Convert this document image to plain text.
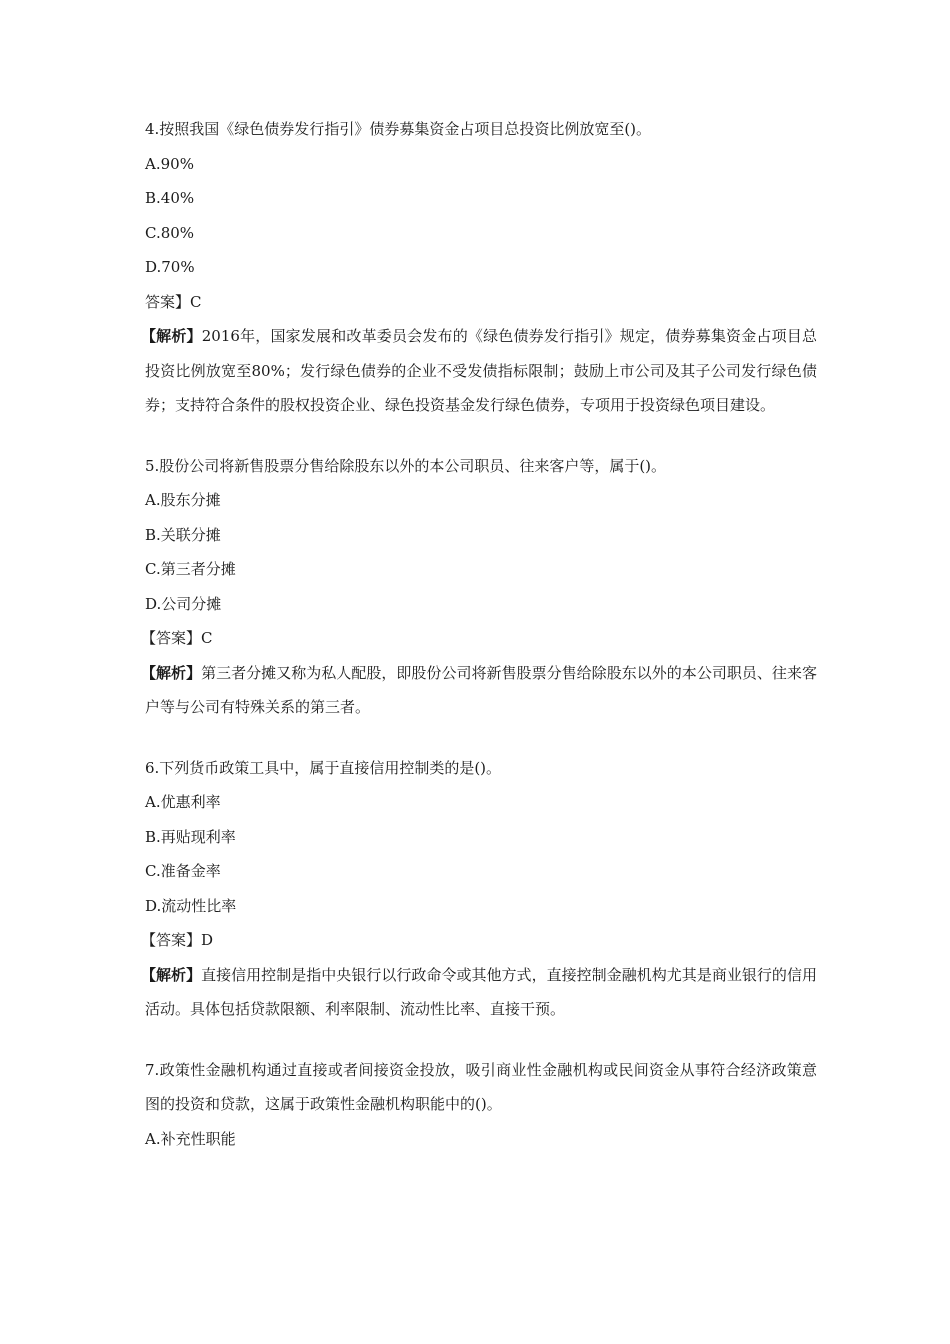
4.按照我国《绿色债券发行指引》债券募集资金占项目总投资比例放宽至()。
A.90%
B.40%
C.80%
D.70%
答案】C
【解析】2016年，国家发展和改革委员会发布的《绿色债券发行指引》规定，债券募集资金占项目总投资比例放宽至80%；发行绿色债券的企业不受发债指标限制；鼓励上市公司及其子公司发行绿色债券；支持符合条件的股权投资企业、绿色投资基金发行绿色债券，专项用于投资绿色项目建设。
5.股份公司将新售股票分售给除股东以外的本公司职员、往来客户等，属于()。
A.股东分摊
B.关联分摊
C.第三者分摊
D.公司分摊
【答案】C
【解析】第三者分摊又称为私人配股，即股份公司将新售股票分售给除股东以外的本公司职员、往来客户等与公司有特殊关系的第三者。
6.下列货币政策工具中，属于直接信用控制类的是()。
A.优惠利率
B.再贴现利率
C.准备金率
D.流动性比率
【答案】D
【解析】直接信用控制是指中央银行以行政命令或其他方式，直接控制金融机构尤其是商业银行的信用活动。具体包括贷款限额、利率限制、流动性比率、直接干预。
7.政策性金融机构通过直接或者间接资金投放，吸引商业性金融机构或民间资金从事符合经济政策意图的投资和贷款，这属于政策性金融机构职能中的()。
A.补充性职能
